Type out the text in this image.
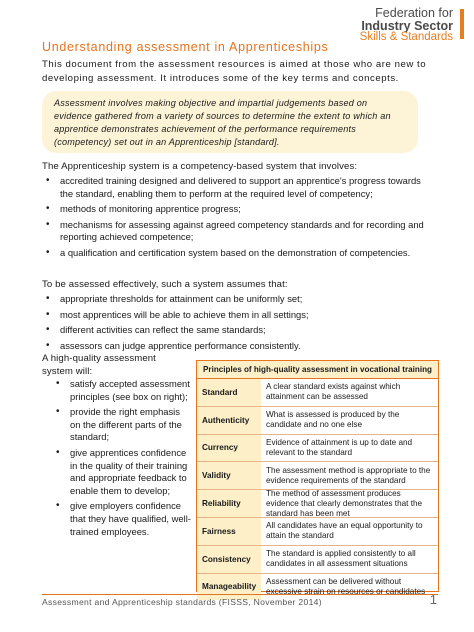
Federation for
Industry Sector
Skills & Standards
Understanding assessment in Apprenticeships
This document from the assessment resources is aimed at those who are new to developing assessment. It introduces some of the key terms and concepts.

Assessment involves making objective and impartial judgements based on evidence gathered from a variety of sources to determine the extent to which an apprentice demonstrates achievement of the performance requirements (competency) set out in an Apprenticeship [standard].

The Apprenticeship system is a competency-based system that involves:
• accredited training designed and delivered to support an apprentice's progress towards the standard, enabling them to perform at the required level of competency;
• methods of monitoring apprentice progress;
• mechanisms for assessing against agreed competency standards and for recording and reporting achieved competence;
• a qualification and certification system based on the demonstration of competencies.
To be assessed effectively, such a system assumes that:
• appropriate thresholds for attainment can be uniformly set;
• most apprentices will be able to achieve them in all settings;
• different activities can reflect the same standards;
• assessors can judge apprentice performance consistently.
A high-quality assessment system will:
• satisfy accepted assessment principles (see box on right);
• provide the right emphasis on the different parts of the standard;
• give apprentices confidence in the quality of their training and appropriate feedback to enable them to develop;
• give employers confidence that they have qualified, well-trained employees.
Principles of high-quality assessment in vocational training
Standard
A clear standard exists against which attainment can be assessed
Authenticity
What is assessed is produced by the candidate and no one else
Currency
Evidence of attainment is up to date and relevant to the standard
Validity
The assessment method is appropriate to the evidence requirements of the standard
Reliability
The method of assessment produces evidence that clearly demonstrates that the standard has been met
Fairness
All candidates have an equal opportunity to attain the standard
Consistency
The standard is applied consistently to all candidates in all assessment situations
Manageability
Assessment can be delivered without excessive strain on resources or candidates
Assessment and Apprenticeship standards (FISSS, November 2014)	1
